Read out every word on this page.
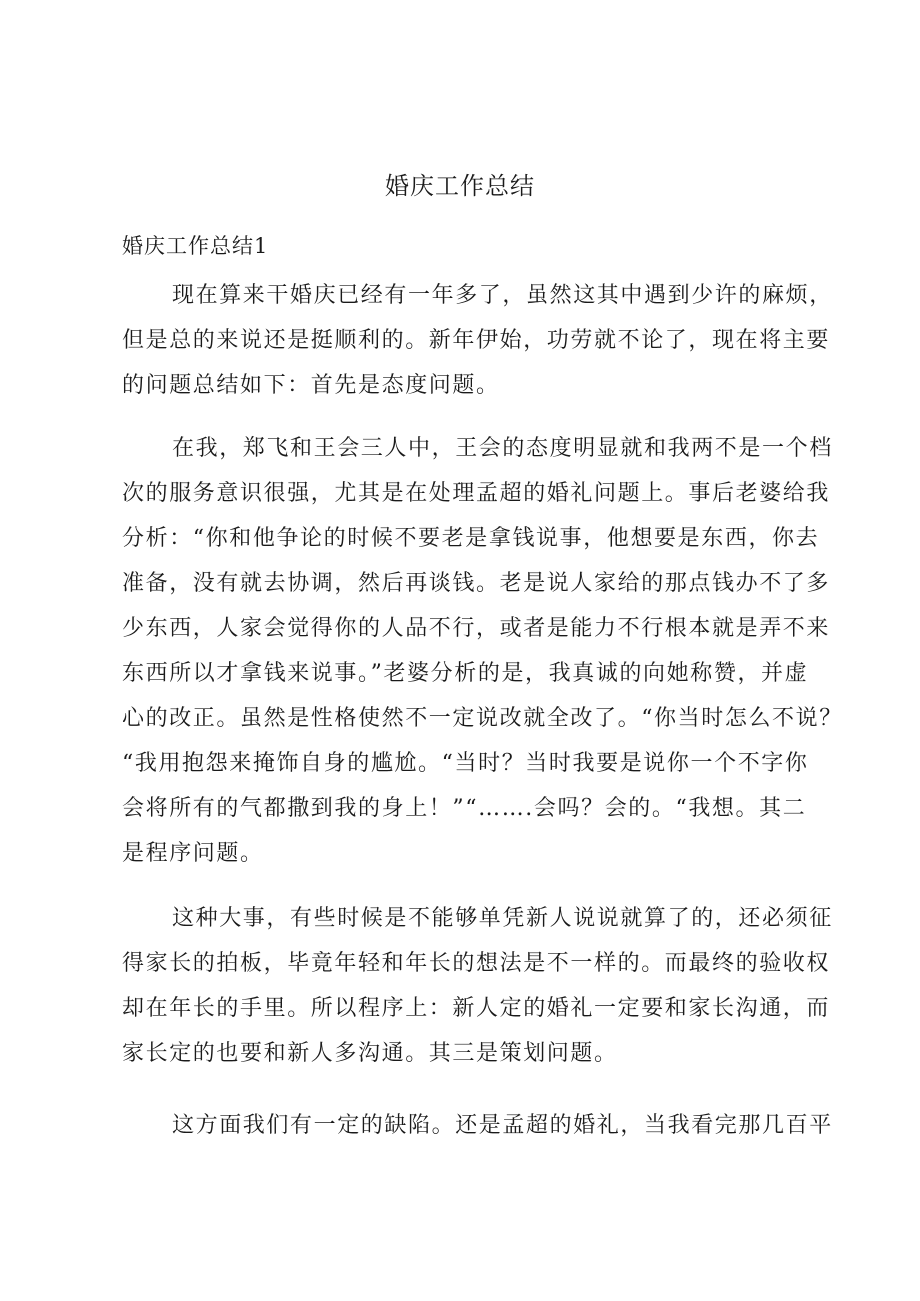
婚庆工作总结
婚庆工作总结1
现在算来干婚庆已经有一年多了，虽然这其中遇到少许的麻烦，
但是总的来说还是挺顺利的。新年伊始，功劳就不论了，现在将主要
的问题总结如下：首先是态度问题。
在我，郑飞和王会三人中，王会的态度明显就和我两不是一个档
次的服务意识很强，尤其是在处理孟超的婚礼问题上。事后老婆给我
分析：“你和他争论的时候不要老是拿钱说事，他想要是东西，你去
准备，没有就去协调，然后再谈钱。老是说人家给的那点钱办不了多
少东西，人家会觉得你的人品不行，或者是能力不行根本就是弄不来
东西所以才拿钱来说事。”老婆分析的是，我真诚的向她称赞，并虚
心的改正。虽然是性格使然不一定说改就全改了。“你当时怎么不说？
“我用抱怨来掩饰自身的尴尬。“当时？当时我要是说你一个不字你
会将所有的气都撒到我的身上！”“…….会吗？会的。“我想。其二
是程序问题。
这种大事，有些时候是不能够单凭新人说说就算了的，还必须征
得家长的拍板，毕竟年轻和年长的想法是不一样的。而最终的验收权
却在年长的手里。所以程序上：新人定的婚礼一定要和家长沟通，而
家长定的也要和新人多沟通。其三是策划问题。
这方面我们有一定的缺陷。还是孟超的婚礼，当我看完那几百平
